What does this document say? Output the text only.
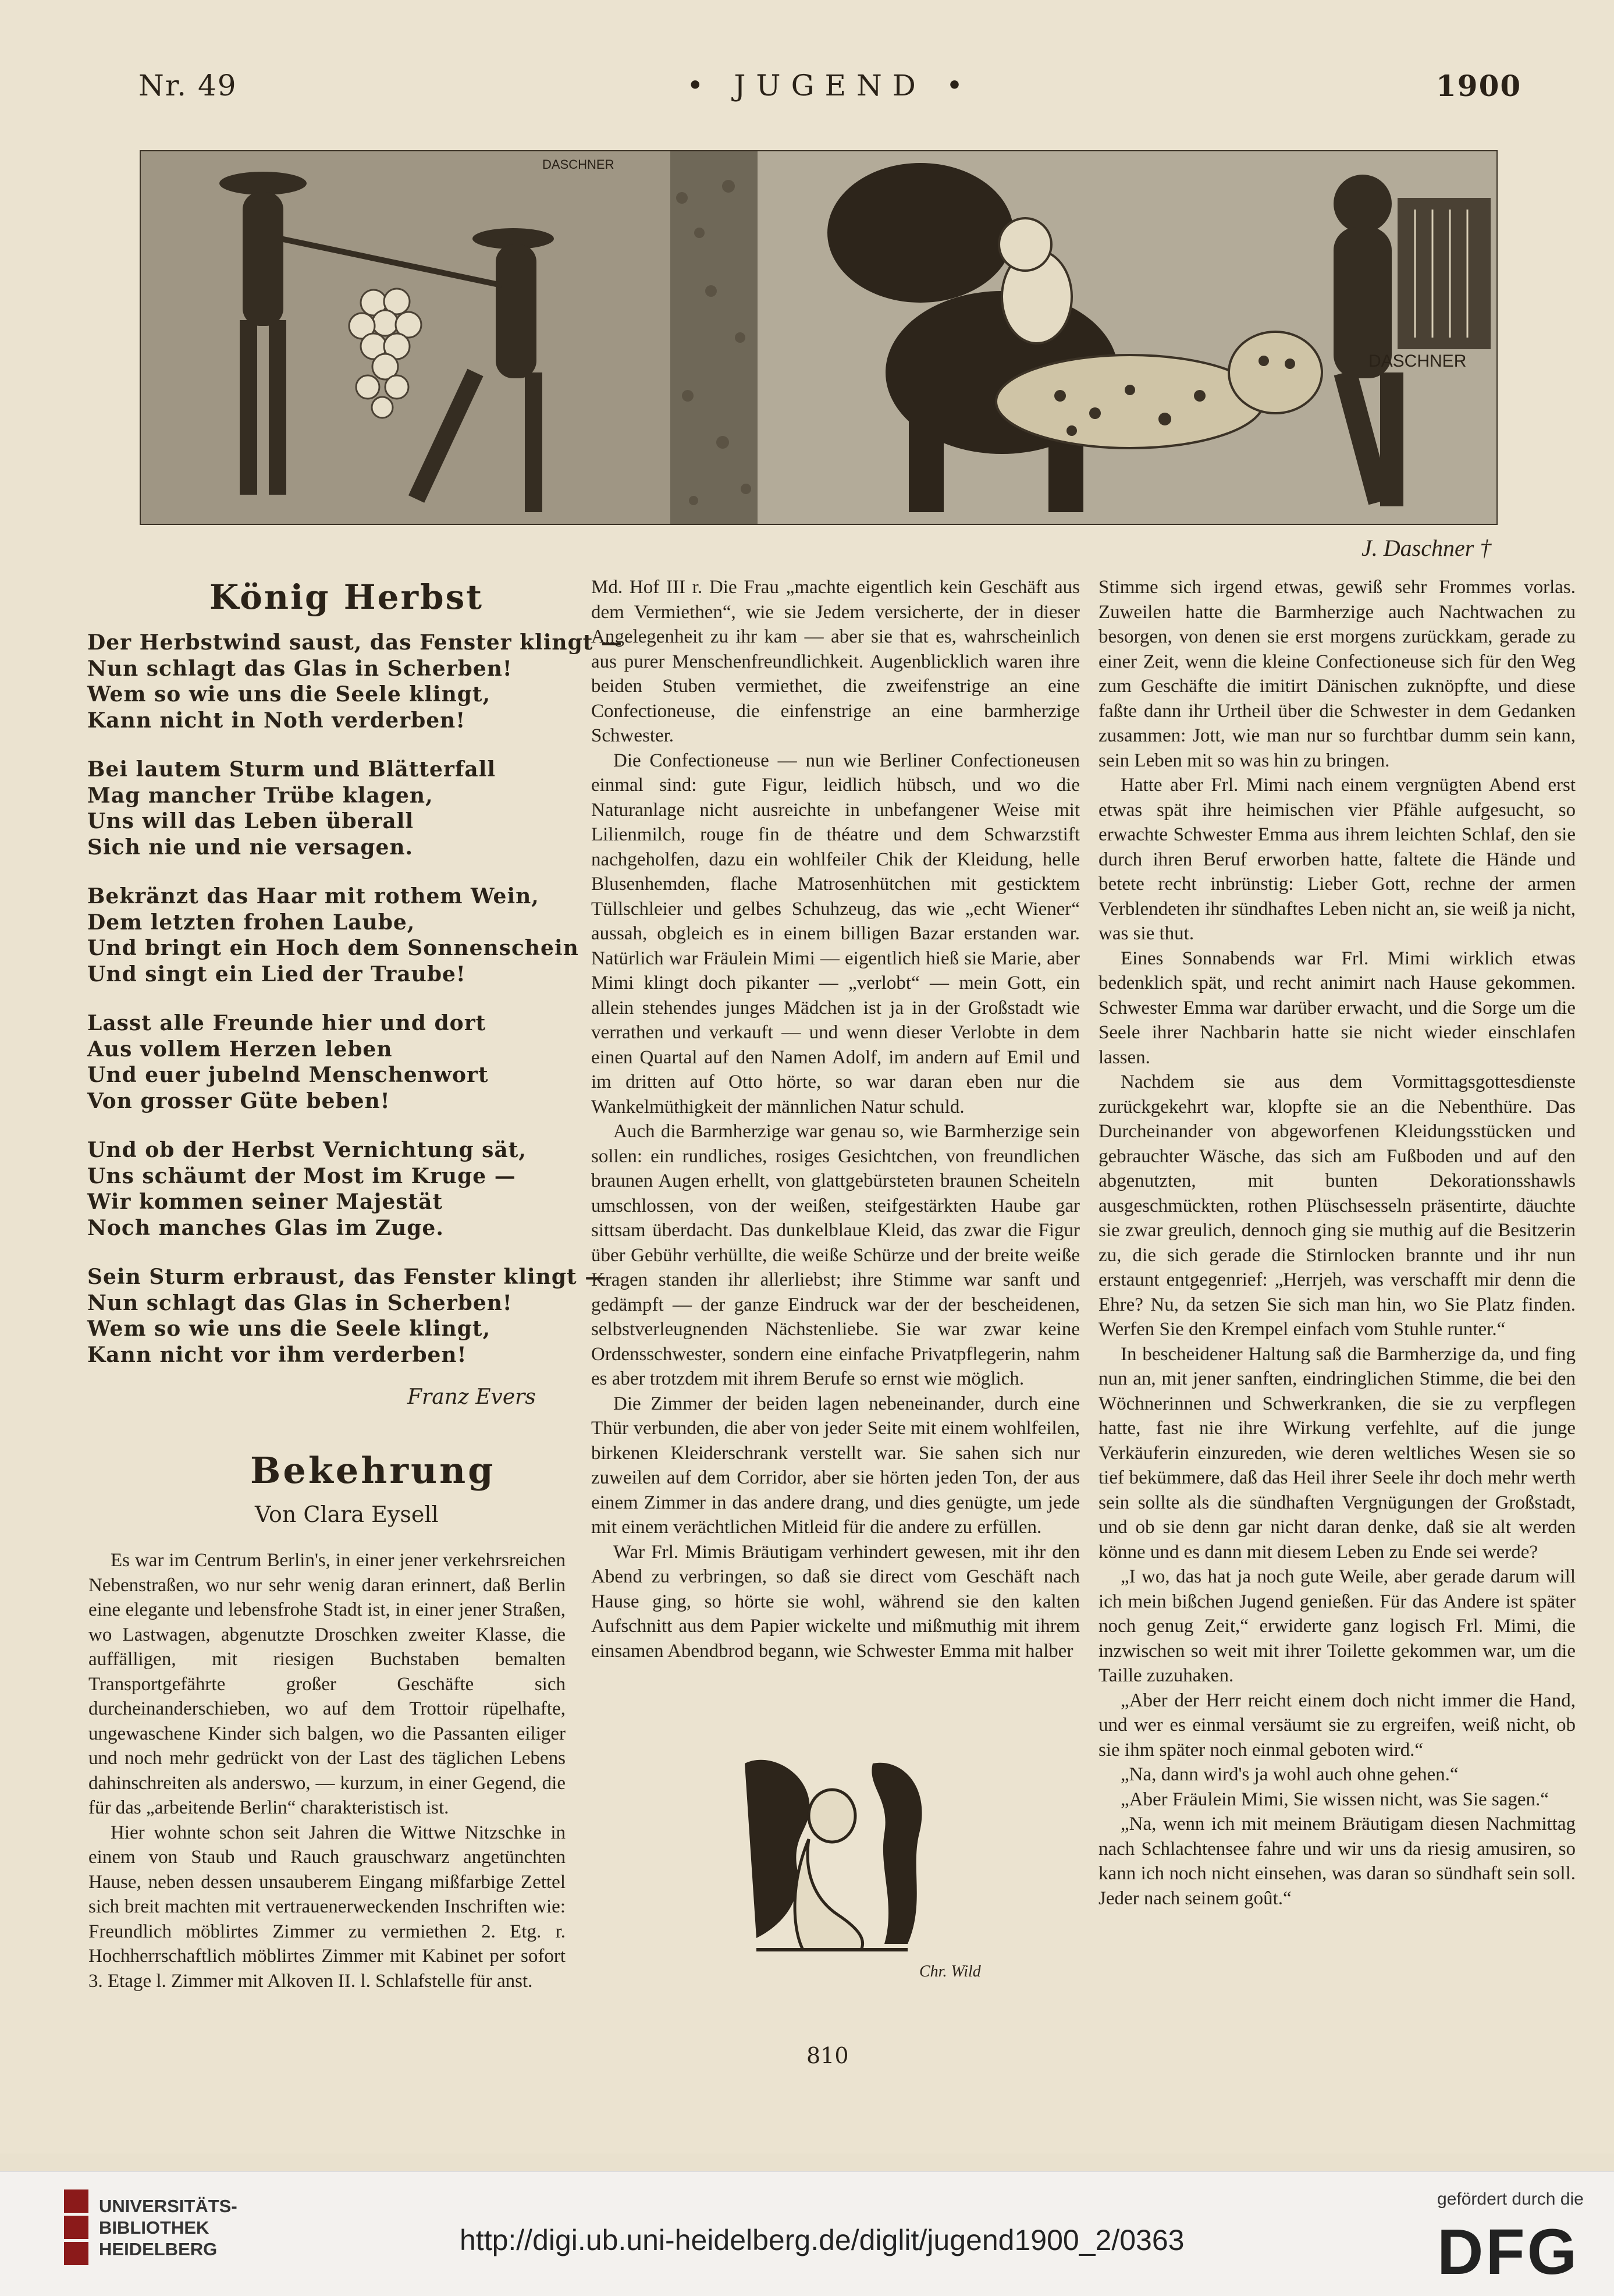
Nr. 49	• JUGEND •	1900
DASCHNER
DASCHNER
J. Daschner †
König Herbst
Der Herbstwind saust, das Fenster klingt —
Nun schlagt das Glas in Scherben!
Wem so wie uns die Seele klingt,
Kann nicht in Noth verderben!
Bei lautem Sturm und Blätterfall
Mag mancher Trübe klagen,
Uns will das Leben überall
Sich nie und nie versagen.
Bekränzt das Haar mit rothem Wein,
Dem letzten frohen Laube,
Und bringt ein Hoch dem Sonnenschein
Und singt ein Lied der Traube!
Lasst alle Freunde hier und dort
Aus vollem Herzen leben
Und euer jubelnd Menschenwort
Von grosser Güte beben!
Und ob der Herbst Vernichtung sät,
Uns schäumt der Most im Kruge —
Wir kommen seiner Majestät
Noch manches Glas im Zuge.
Sein Sturm erbraust, das Fenster klingt —
Nun schlagt das Glas in Scherben!
Wem so wie uns die Seele klingt,
Kann nicht vor ihm verderben!
Franz Evers
Bekehrung
Von Clara Eysell

Es war im Centrum Berlin's, in einer jener verkehrsreichen Nebenstraßen, wo nur sehr wenig daran erinnert, daß Berlin eine elegante und lebensfrohe Stadt ist, in einer jener Straßen, wo Lastwagen, abgenutzte Droschken zweiter Klasse, die auffälligen, mit riesigen Buchstaben bemalten Transportgefährte großer Geschäfte sich durcheinanderschieben, wo auf dem Trottoir rüpelhafte, ungewaschene Kinder sich balgen, wo die Passanten eiliger und noch mehr gedrückt von der Last des täglichen Lebens dahinschreiten als anderswo, — kurzum, in einer Gegend, die für das „arbeitende Berlin“ charakteristisch ist.

Hier wohnte schon seit Jahren die Wittwe Nitzschke in einem von Staub und Rauch grauschwarz angetünchten Hause, neben dessen unsauberem Eingang mißfarbige Zettel sich breit machten mit vertrauenerweckenden Inschriften wie: Freundlich möblirtes Zimmer zu vermiethen 2. Etg. r. Hochherrschaftlich möblirtes Zimmer mit Kabinet per sofort 3. Etage l. Zimmer mit Alkoven II. l. Schlafstelle für anst.

Md. Hof III r. Die Frau „machte eigentlich kein Geschäft aus dem Vermiethen“, wie sie Jedem versicherte, der in dieser Angelegenheit zu ihr kam — aber sie that es, wahrscheinlich aus purer Menschenfreundlichkeit. Augenblicklich waren ihre beiden Stuben vermiethet, die zweifenstrige an eine Confectioneuse, die einfenstrige an eine barmherzige Schwester.

Die Confectioneuse — nun wie Berliner Confectioneusen einmal sind: gute Figur, leidlich hübsch, und wo die Naturanlage nicht ausreichte in unbefangener Weise mit Lilienmilch, rouge fin de théatre und dem Schwarzstift nachgeholfen, dazu ein wohlfeiler Chik der Kleidung, helle Blusenhemden, flache Matrosenhütchen mit gesticktem Tüllschleier und gelbes Schuhzeug, das wie „echt Wiener“ aussah, obgleich es in einem billigen Bazar erstanden war. Natürlich war Fräulein Mimi — eigentlich hieß sie Marie, aber Mimi klingt doch pikanter — „verlobt“ — mein Gott, ein allein stehendes junges Mädchen ist ja in der Großstadt wie verrathen und verkauft — und wenn dieser Verlobte in dem einen Quartal auf den Namen Adolf, im andern auf Emil und im dritten auf Otto hörte, so war daran eben nur die Wankelmüthigkeit der männlichen Natur schuld.

Auch die Barmherzige war genau so, wie Barmherzige sein sollen: ein rundliches, rosiges Gesichtchen, von freundlichen braunen Augen erhellt, von glattgebürsteten braunen Scheiteln umschlossen, von der weißen, steifgestärkten Haube gar sittsam überdacht. Das dunkelblaue Kleid, das zwar die Figur über Gebühr verhüllte, die weiße Schürze und der breite weiße Kragen standen ihr allerliebst; ihre Stimme war sanft und gedämpft — der ganze Eindruck war der der bescheidenen, selbstverleugnenden Nächstenliebe. Sie war zwar keine Ordensschwester, sondern eine einfache Privatpflegerin, nahm es aber trotzdem mit ihrem Berufe so ernst wie möglich.

Die Zimmer der beiden lagen nebeneinander, durch eine Thür verbunden, die aber von jeder Seite mit einem wohlfeilen, birkenen Kleiderschrank verstellt war. Sie sahen sich nur zuweilen auf dem Corridor, aber sie hörten jeden Ton, der aus einem Zimmer in das andere drang, und dies genügte, um jede mit einem verächtlichen Mitleid für die andere zu erfüllen.

War Frl. Mimis Bräutigam verhindert gewesen, mit ihr den Abend zu verbringen, so daß sie direct vom Geschäft nach Hause ging, so hörte sie wohl, während sie den kalten Aufschnitt aus dem Papier wickelte und mißmuthig mit ihrem einsamen Abendbrod begann, wie Schwester Emma mit halber

Chr. Wild

Stimme sich irgend etwas, gewiß sehr Frommes vorlas. Zuweilen hatte die Barmherzige auch Nachtwachen zu besorgen, von denen sie erst morgens zurückkam, gerade zu einer Zeit, wenn die kleine Confectioneuse sich für den Weg zum Geschäfte die imitirt Dänischen zuknöpfte, und diese faßte dann ihr Urtheil über die Schwester in dem Gedanken zusammen: Jott, wie man nur so furchtbar dumm sein kann, sein Leben mit so was hin zu bringen.

Hatte aber Frl. Mimi nach einem vergnügten Abend erst etwas spät ihre heimischen vier Pfähle aufgesucht, so erwachte Schwester Emma aus ihrem leichten Schlaf, den sie durch ihren Beruf erworben hatte, faltete die Hände und betete recht inbrünstig: Lieber Gott, rechne der armen Verblendeten ihr sündhaftes Leben nicht an, sie weiß ja nicht, was sie thut.

Eines Sonnabends war Frl. Mimi wirklich etwas bedenklich spät, und recht animirt nach Hause gekommen. Schwester Emma war darüber erwacht, und die Sorge um die Seele ihrer Nachbarin hatte sie nicht wieder einschlafen lassen.

Nachdem sie aus dem Vormittagsgottesdienste zurückgekehrt war, klopfte sie an die Nebenthüre. Das Durcheinander von abgeworfenen Kleidungsstücken und gebrauchter Wäsche, das sich am Fußboden und auf den abgenutzten, mit bunten Dekorationsshawls ausgeschmückten, rothen Plüschsesseln präsentirte, däuchte sie zwar greulich, dennoch ging sie muthig auf die Besitzerin zu, die sich gerade die Stirnlocken brannte und ihr nun erstaunt entgegenrief: „Herrjeh, was verschafft mir denn die Ehre? Nu, da setzen Sie sich man hin, wo Sie Platz finden. Werfen Sie den Krempel einfach vom Stuhle runter.“

In bescheidener Haltung saß die Barmherzige da, und fing nun an, mit jener sanften, eindringlichen Stimme, die bei den Wöchnerinnen und Schwerkranken, die sie zu verpflegen hatte, fast nie ihre Wirkung verfehlte, auf die junge Verkäuferin einzureden, wie deren weltliches Wesen sie so tief bekümmere, daß das Heil ihrer Seele ihr doch mehr werth sein sollte als die sündhaften Vergnügungen der Großstadt, und ob sie denn gar nicht daran denke, daß sie alt werden könne und es dann mit diesem Leben zu Ende sei werde?

„I wo, das hat ja noch gute Weile, aber gerade darum will ich mein bißchen Jugend genießen. Für das Andere ist später noch genug Zeit,“ erwiderte ganz logisch Frl. Mimi, die inzwischen so weit mit ihrer Toilette gekommen war, um die Taille zuzuhaken.

„Aber der Herr reicht einem doch nicht immer die Hand, und wer es einmal versäumt sie zu ergreifen, weiß nicht, ob sie ihm später noch einmal geboten wird.“

„Na, dann wird's ja wohl auch ohne gehen.“

„Aber Fräulein Mimi, Sie wissen nicht, was Sie sagen.“

„Na, wenn ich mit meinem Bräutigam diesen Nachmittag nach Schlachtensee fahre und wir uns da riesig amusiren, so kann ich noch nicht einsehen, was daran so sündhaft sein soll. Jeder nach seinem goût.“

810
UNIVERSITÄTS-
BIBLIOTHEK
HEIDELBERG	http://digi.ub.uni-heidelberg.de/diglit/jugend1900_2/0363
gefördert durch die
DFG
